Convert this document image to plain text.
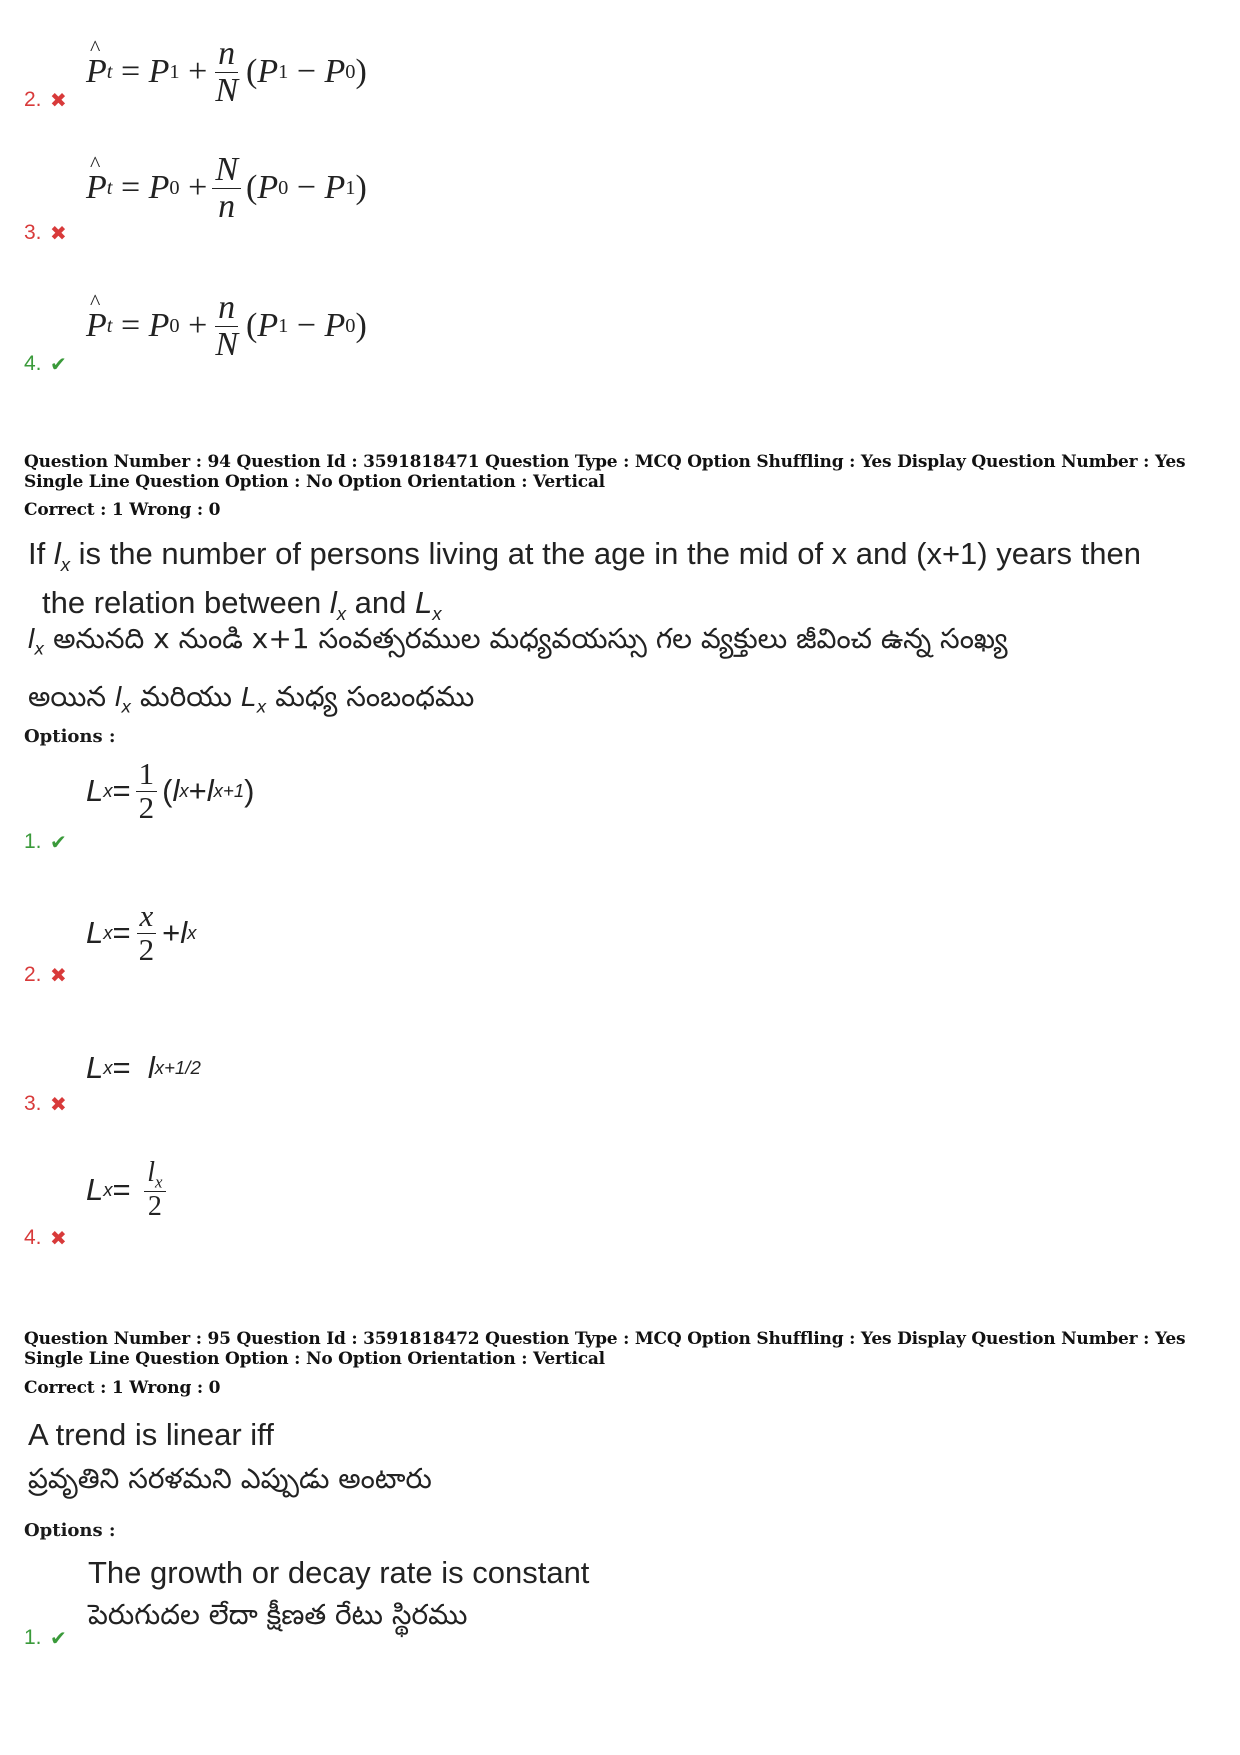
^ P t = P $1 + \frac{n}{N}$ ( P 1 − P 0 )
2. ✖
^ P t = P $0 + \frac{N}{n}$ ( P 0 − P 1 )
3. ✖
^ P t = P $0 + \frac{n}{N}$ ( P 1 − P 0 )
4. ✔
Question Number : 94 Question Id : 3591818471 Question Type : MCQ Option Shuffling : Yes Display Question Number : Yes
Single Line Question Option : No Option Orientation : Vertical
Correct : 1 Wrong : 0
If $l_x$ is the number of persons living at the age in the mid of x and (x+1) years then
the relation between $l_x$ and $L_x$
$l_x$ అనునది x నుండి x+1 సంవత్సరముల మధ్యవయస్సు గల వ్యక్తులు జీవించ ఉన్న సంఖ్య
అయిన $l_x$ మరియు $L_x$ మధ్య సంబంధము
Options :
L $x = \frac{1}{2}$ ( l x + l x+1 )
1. ✔
L $x = \frac{x}{2} + l$ x
2. ✖
L x = l x+1/2
3. ✖
L $x = \frac{l_x}{2}$
4. ✖
Question Number : 95 Question Id : 3591818472 Question Type : MCQ Option Shuffling : Yes Display Question Number : Yes
Single Line Question Option : No Option Orientation : Vertical
Correct : 1 Wrong : 0
A trend is linear iff
ప్రవృతిని సరళమని ఎప్పుడు అంటారు
Options :
The growth or decay rate is constant
పెరుగుదల లేదా క్షీణత రేటు స్థిరము
1. ✔
